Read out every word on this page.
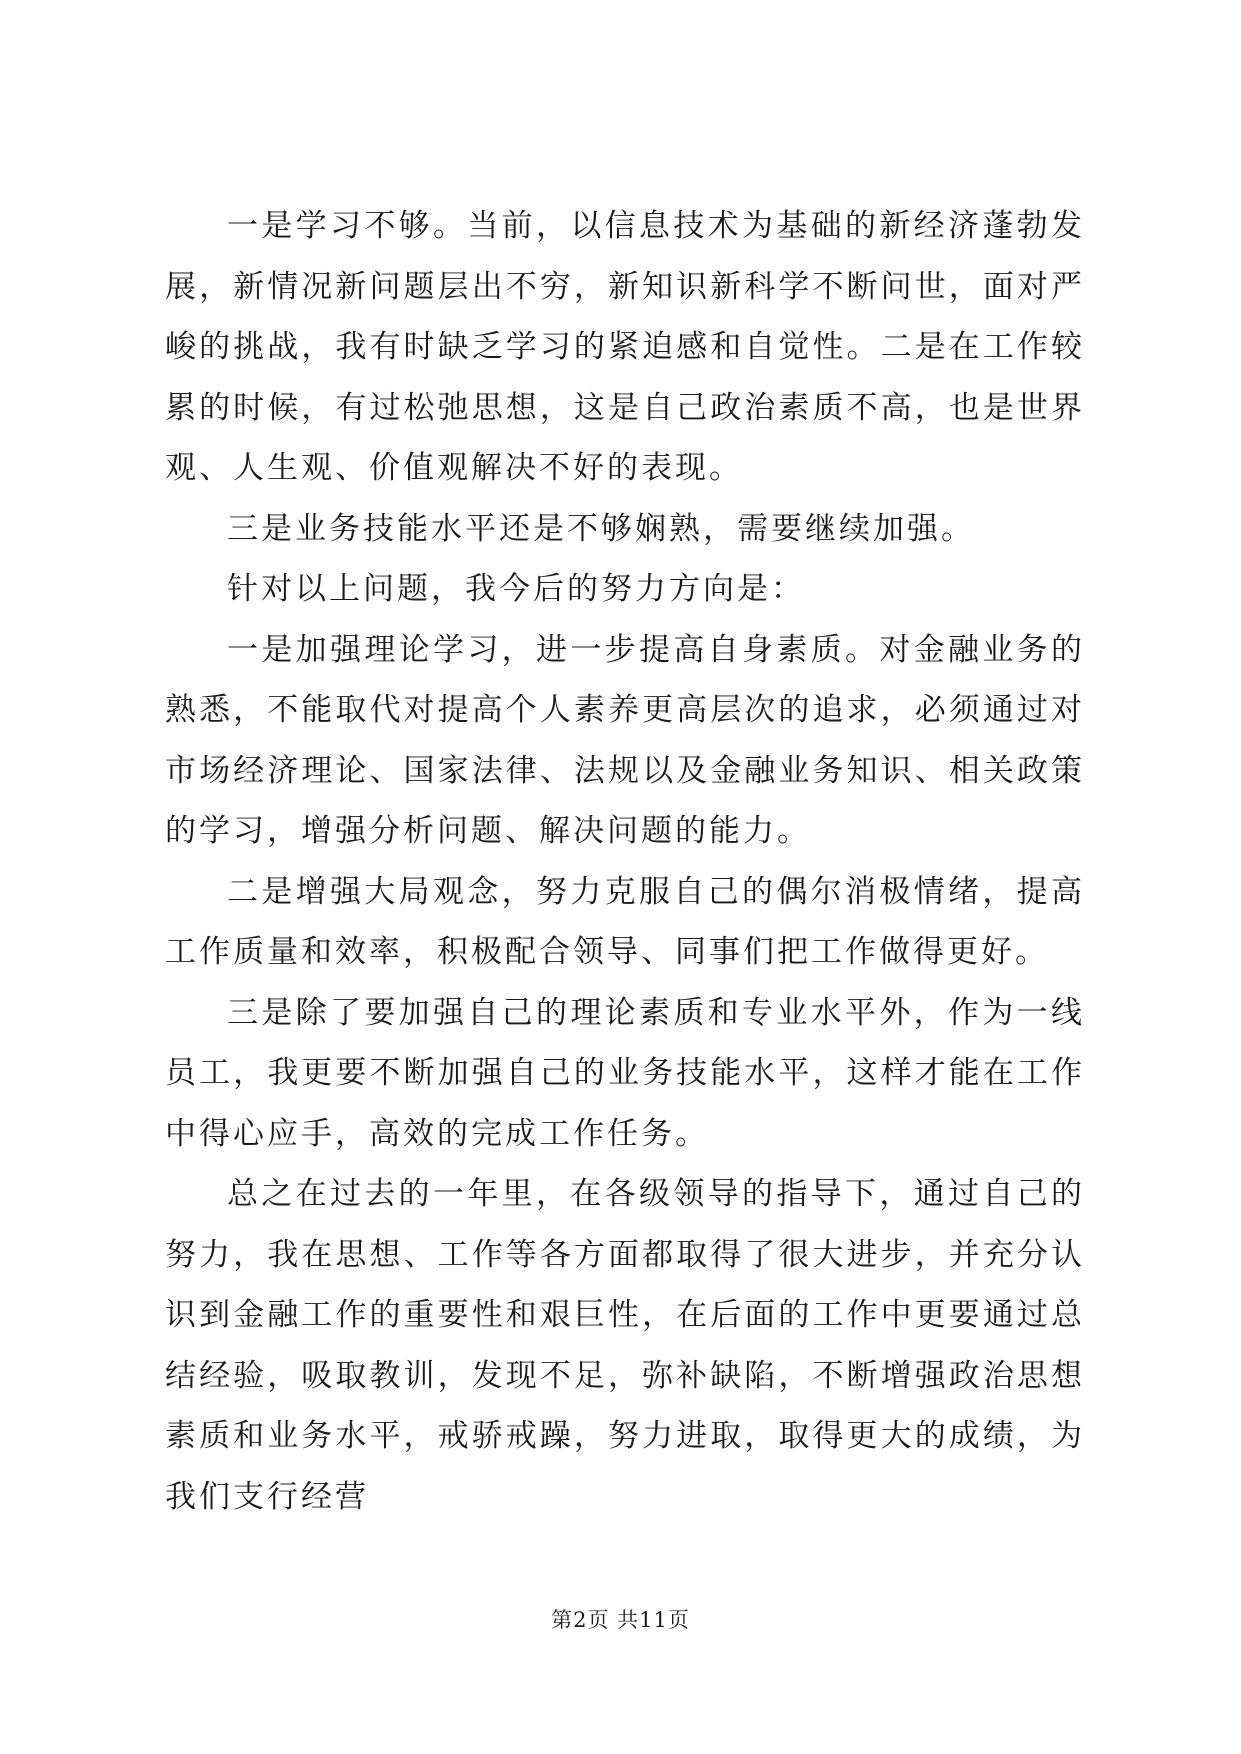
一是学习不够。当前，以信息技术为基础的新经济蓬勃发展，新情况新问题层出不穷，新知识新科学不断问世，面对严峻的挑战，我有时缺乏学习的紧迫感和自觉性。二是在工作较累的时候，有过松弛思想，这是自己政治素质不高，也是世界观、人生观、价值观解决不好的表现。

三是业务技能水平还是不够娴熟，需要继续加强。

针对以上问题，我今后的努力方向是：

一是加强理论学习，进一步提高自身素质。对金融业务的熟悉，不能取代对提高个人素养更高层次的追求，必须通过对市场经济理论、国家法律、法规以及金融业务知识、相关政策的学习，增强分析问题、解决问题的能力。

二是增强大局观念，努力克服自己的偶尔消极情绪，提高工作质量和效率，积极配合领导、同事们把工作做得更好。

三是除了要加强自己的理论素质和专业水平外，作为一线员工，我更要不断加强自己的业务技能水平，这样才能在工作中得心应手，高效的完成工作任务。

总之在过去的一年里，在各级领导的指导下，通过自己的努力，我在思想、工作等各方面都取得了很大进步，并充分认识到金融工作的重要性和艰巨性，在后面的工作中更要通过总结经验，吸取教训，发现不足，弥补缺陷，不断增强政治思想素质和业务水平，戒骄戒躁，努力进取，取得更大的成绩，为我们支行经营

第2页 共11页
